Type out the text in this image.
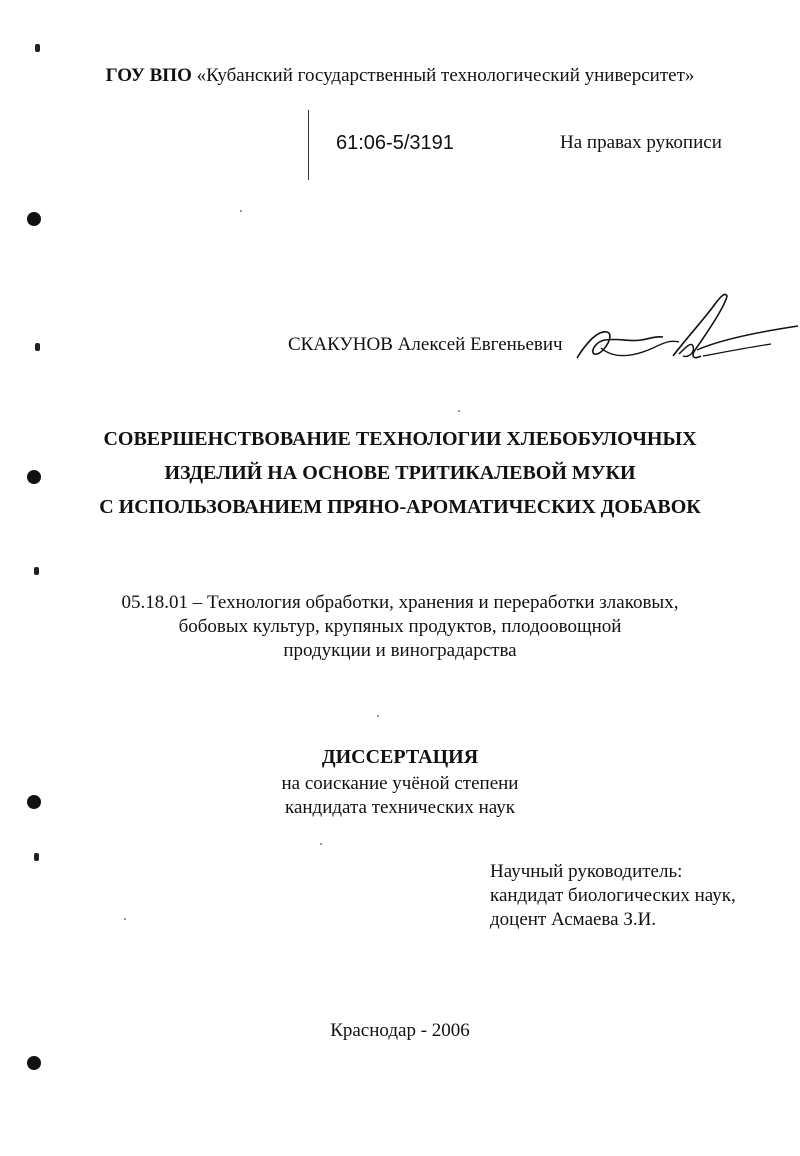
ГОУ ВПО «Кубанский государственный технологический университет»
61:06-5/3191	На правах рукописи
СКАКУНОВ Алексей Евгеньевич
СОВЕРШЕНСТВОВАНИЕ ТЕХНОЛОГИИ ХЛЕБОБУЛОЧНЫХ
ИЗДЕЛИЙ НА ОСНОВЕ ТРИТИКАЛЕВОЙ МУКИ
С ИСПОЛЬЗОВАНИЕМ ПРЯНО-АРОМАТИЧЕСКИХ ДОБАВОК
05.18.01 – Технология обработки, хранения и переработки злаковых,
бобовых культур, крупяных продуктов, плодоовощной
продукции и виноградарства
ДИССЕРТАЦИЯ
на соискание учёной степени
кандидата технических наук
Научный руководитель:
кандидат биологических наук,
доцент Асмаева З.И.
Краснодар - 2006
